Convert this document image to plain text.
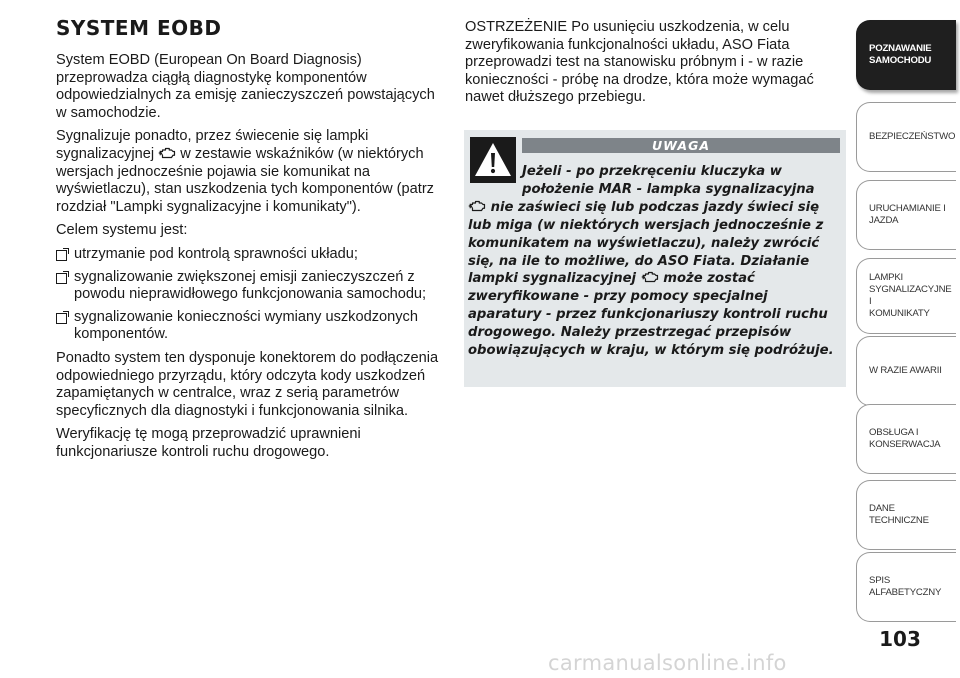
SYSTEM EOBD

System EOBD (European On Board Diagnosis) przeprowadza ciągłą diagnostykę komponentów odpowiedzialnych za emisję zanieczyszczeń powstających w samochodzie.

Sygnalizuje ponadto, przez świecenie się lampki sygnalizacyjnej w zestawie wskaźników (w niektórych wersjach jednocześnie pojawia sie komunikat na wyświetlaczu), stan uszkodzenia tych komponentów (patrz rozdział "Lampki sygnalizacyjne i komunikaty").

Celem systemu jest:

utrzymanie pod kontrolą sprawności układu;
sygnalizowanie zwiększonej emisji zanieczyszczeń z powodu nieprawidłowego funkcjonowania samochodu;
sygnalizowanie konieczności wymiany uszkodzonych komponentów.

Ponadto system ten dysponuje konektorem do podłączenia odpowiedniego przyrządu, który odczyta kody uszkodzeń zapamiętanych w centralce, wraz z serią parametrów specyficznych dla diagnostyki i funkcjonowania silnika.

Weryfikację tę mogą przeprowadzić uprawnieni funkcjonariusze kontroli ruchu drogowego.

OSTRZEŻENIE Po usunięciu uszkodzenia, w celu zweryfikowania funkcjonalności układu, ASO Fiata przeprowadzi test na stanowisku próbnym i - w razie konieczności - próbę na drodze, która może wymagać nawet dłuższego przebiegu.

UWAGA
Jeżeli - po przekręceniu kluczyka w
położenie MAR - lampka sygnalizacyjna
nie zaświeci się lub podczas jazdy świeci się lub miga (w niektórych wersjach jednocześnie z komunikatem na wyświetlaczu), należy zwrócić się, na ile to możliwe, do ASO Fiata. Działanie lampki sygnalizacyjnej może zostać zweryfikowane - przy pomocy specjalnej aparatury - przez funkcjonariuszy kontroli ruchu drogowego. Należy przestrzegać przepisów obowiązujących w kraju, w którym się podróżuje.
POZNAWANIE
SAMOCHODU
BEZPIECZEŃSTWO
URUCHAMIANIE I
JAZDA
LAMPKI
SYGNALIZACYJNE I
KOMUNIKATY
W RAZIE AWARII
OBSŁUGA I
KONSERWACJA
DANE TECHNICZNE
SPIS ALFABETYCZNY
103
carmanualsonline.info
